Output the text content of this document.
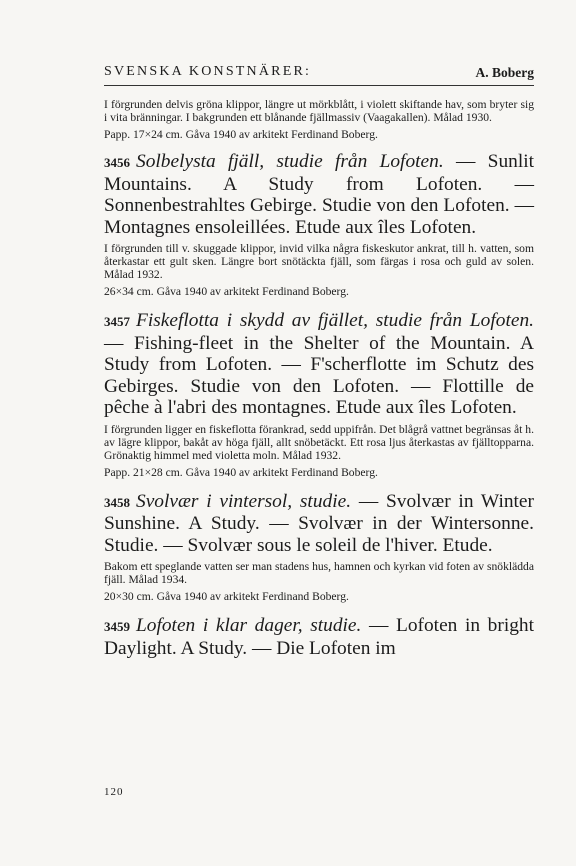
SVENSKA KONSTNÄRER:	A. Boberg

I förgrunden delvis gröna klippor, längre ut mörkblått, i violett skiftande hav, som bryter sig i vita bränningar. I bakgrunden ett blånande fjällmassiv (Vaagakallen). Målad 1930.

Papp. 17×24 cm. Gåva 1940 av arkitekt Ferdinand Boberg.

3456 Solbelysta fjäll, studie från Lofoten. — Sunlit Mountains. A Study from Lofoten. — Sonnenbestrahltes Gebirge. Studie von den Lofoten. — Montagnes ensoleillées. Etude aux îles Lofoten.

I förgrunden till v. skuggade klippor, invid vilka några fiskeskutor ankrat, till h. vatten, som återkastar ett gult sken. Längre bort snötäckta fjäll, som färgas i rosa och guld av solen. Målad 1932.

26×34 cm. Gåva 1940 av arkitekt Ferdinand Boberg.

3457 Fiskeflotta i skydd av fjället, studie från Lofoten. — Fishing-fleet in the Shelter of the Mountain. A Study from Lofoten. — F'scherflotte im Schutz des Gebirges. Studie von den Lofoten. — Flottille de pêche à l'abri des montagnes. Etude aux îles Lofoten.

I förgrunden ligger en fiskeflotta förankrad, sedd uppifrån. Det blågrå vattnet begränsas åt h. av lägre klippor, bakåt av höga fjäll, allt snöbetäckt. Ett rosa ljus återkastas av fjälltopparna. Grönaktig himmel med violetta moln. Målad 1932.

Papp. 21×28 cm. Gåva 1940 av arkitekt Ferdinand Boberg.

3458 Svolvær i vintersol, studie. — Svolvær in Winter Sunshine. A Study. — Svolvær in der Wintersonne. Studie. — Svolvær sous le soleil de l'hiver. Etude.

Bakom ett speglande vatten ser man stadens hus, hamnen och kyrkan vid foten av snöklädda fjäll. Målad 1934.

20×30 cm. Gåva 1940 av arkitekt Ferdinand Boberg.

3459 Lofoten i klar dager, studie. — Lofoten in bright Daylight. A Study. — Die Lofoten im

120
